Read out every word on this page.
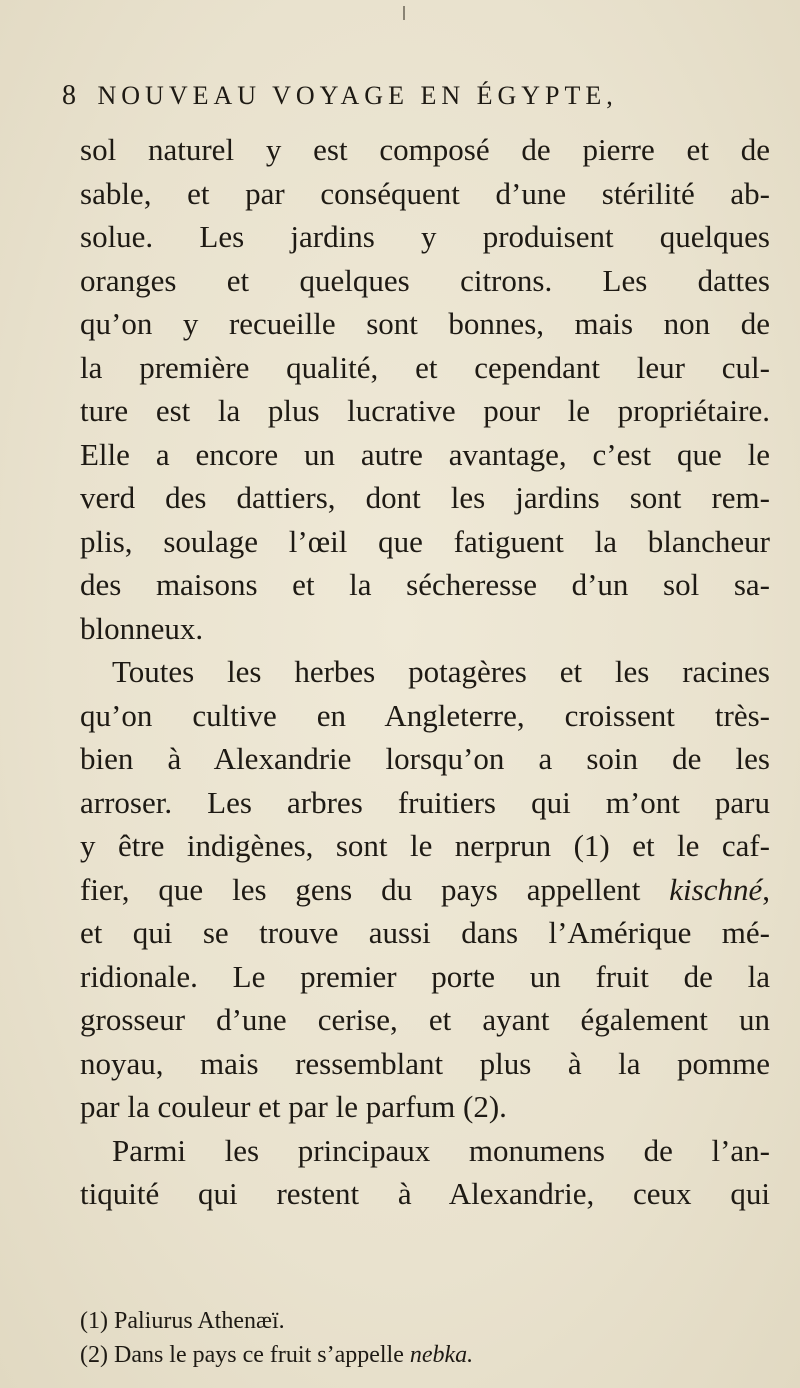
8 NOUVEAU VOYAGE EN ÉGYPTE,
sol naturel y est composé de pierre et de
sable, et par conséquent d’une stérilité ab-
solue. Les jardins y produisent quelques
oranges et quelques citrons. Les dattes
qu’on y recueille sont bonnes, mais non de
la première qualité, et cependant leur cul-
ture est la plus lucrative pour le propriétaire.
Elle a encore un autre avantage, c’est que le
verd des dattiers, dont les jardins sont rem-
plis, soulage l’œil que fatiguent la blancheur
des maisons et la sécheresse d’un sol sa-
blonneux.
Toutes les herbes potagères et les racines
qu’on cultive en Angleterre, croissent très-
bien à Alexandrie lorsqu’on a soin de les
arroser. Les arbres fruitiers qui m’ont paru
y être indigènes, sont le nerprun (1) et le caf-
fier, que les gens du pays appellent kischné,
et qui se trouve aussi dans l’Amérique mé-
ridionale. Le premier porte un fruit de la
grosseur d’une cerise, et ayant également un
noyau, mais ressemblant plus à la pomme
par la couleur et par le parfum (2).
Parmi les principaux monumens de l’an-
tiquité qui restent à Alexandrie, ceux qui
(1) Paliurus Athenæï.
(2) Dans le pays ce fruit s’appelle nebka.
